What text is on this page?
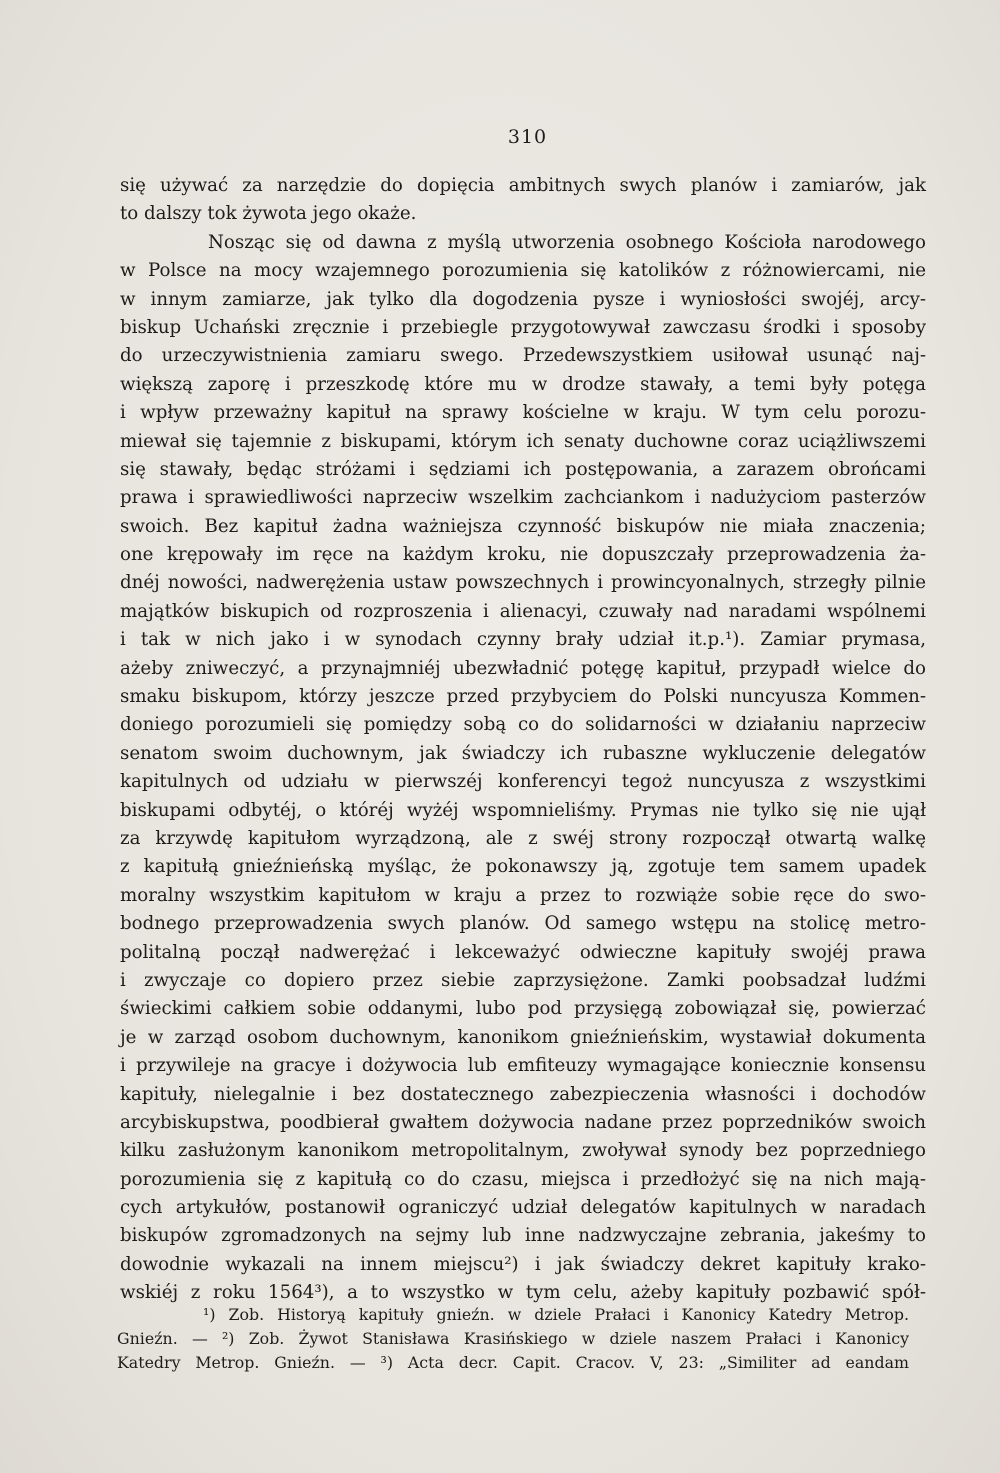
310
się używać za narzędzie do dopięcia ambitnych swych planów i zamiarów, jak
to dalszy tok żywota jego okaże.
Nosząc się od dawna z myślą utworzenia osobnego Kościoła narodowego
w Polsce na mocy wzajemnego porozumienia się katolików z różnowiercami, nie
w innym zamiarze, jak tylko dla dogodzenia pysze i wyniosłości swojéj, arcy-
biskup Uchański zręcznie i przebiegle przygotowywał zawczasu środki i sposoby
do urzeczywistnienia zamiaru swego. Przedewszystkiem usiłował usunąć naj-
większą zaporę i przeszkodę które mu w drodze stawały, a temi były potęga
i wpływ przeważny kapituł na sprawy kościelne w kraju. W tym celu porozu-
miewał się tajemnie z biskupami, którym ich senaty duchowne coraz uciążliwszemi
się stawały, będąc stróżami i sędziami ich postępowania, a zarazem obrońcami
prawa i sprawiedliwości naprzeciw wszelkim zachciankom i nadużyciom pasterzów
swoich. Bez kapituł żadna ważniejsza czynność biskupów nie miała znaczenia;
one krępowały im ręce na każdym kroku, nie dopuszczały przeprowadzenia ża-
dnéj nowości, nadwerężenia ustaw powszechnych i prowincyonalnych, strzegły pilnie
majątków biskupich od rozproszenia i alienacyi, czuwały nad naradami wspólnemi
i tak w nich jako i w synodach czynny brały udział it.p.¹). Zamiar prymasa,
ażeby zniweczyć, a przynajmniéj ubezwładnić potęgę kapituł, przypadł wielce do
smaku biskupom, którzy jeszcze przed przybyciem do Polski nuncyusza Kommen-
doniego porozumieli się pomiędzy sobą co do solidarności w działaniu naprzeciw
senatom swoim duchownym, jak świadczy ich rubaszne wykluczenie delegatów
kapitulnych od udziału w pierwszéj konferencyi tegoż nuncyusza z wszystkimi
biskupami odbytéj, o któréj wyżéj wspomnieliśmy. Prymas nie tylko się nie ujął
za krzywdę kapitułom wyrządzoną, ale z swéj strony rozpoczął otwartą walkę
z kapitułą gnieźnieńską myśląc, że pokonawszy ją, zgotuje tem samem upadek
moralny wszystkim kapitułom w kraju a przez to rozwiąże sobie ręce do swo-
bodnego przeprowadzenia swych planów. Od samego wstępu na stolicę metro-
politalną począł nadwerężać i lekceważyć odwieczne kapituły swojéj prawa
i zwyczaje co dopiero przez siebie zaprzysiężone. Zamki poobsadzał ludźmi
świeckimi całkiem sobie oddanymi, lubo pod przysięgą zobowiązał się, powierzać
je w zarząd osobom duchownym, kanonikom gnieźnieńskim, wystawiał dokumenta
i przywileje na gracye i dożywocia lub emfiteuzy wymagające koniecznie konsensu
kapituły, nielegalnie i bez dostatecznego zabezpieczenia własności i dochodów
arcybiskupstwa, poodbierał gwałtem dożywocia nadane przez poprzedników swoich
kilku zasłużonym kanonikom metropolitalnym, zwoływał synody bez poprzedniego
porozumienia się z kapitułą co do czasu, miejsca i przedłożyć się na nich mają-
cych artykułów, postanowił ograniczyć udział delegatów kapitulnych w naradach
biskupów zgromadzonych na sejmy lub inne nadzwyczajne zebrania, jakeśmy to
dowodnie wykazali na innem miejscu²) i jak świadczy dekret kapituły krako-
wskiéj z roku 1564³), a to wszystko w tym celu, ażeby kapituły pozbawić spół-
¹) Zob. Historyą kapituły gnieźn. w dziele Prałaci i Kanonicy Katedry Metrop.
Gnieźn. — ²) Zob. Żywot Stanisława Krasińskiego w dziele naszem Prałaci i Kanonicy
Katedry Metrop. Gnieźn. — ³) Acta decr. Capit. Cracov. V, 23: „Similiter ad eandam
